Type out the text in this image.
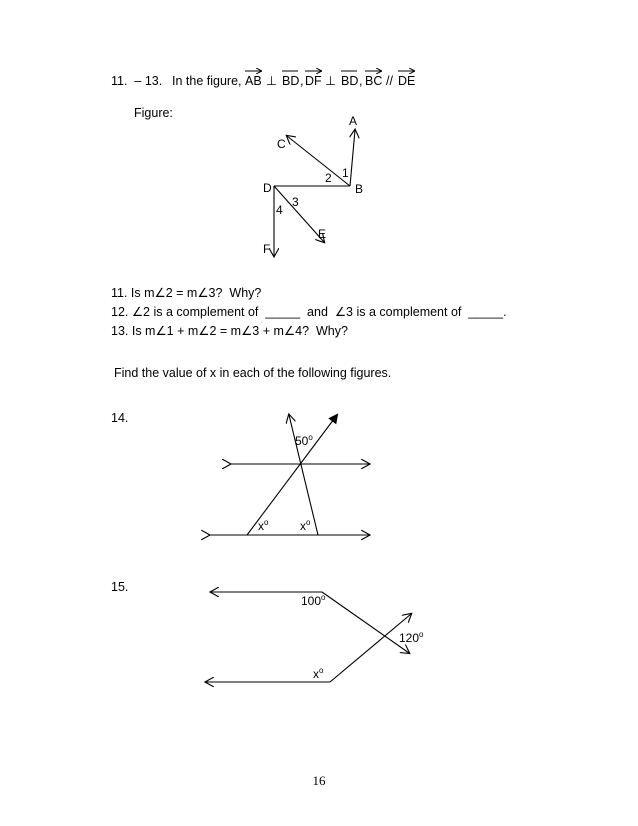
11.  – 13. In the figure, AB ⊥ BD , DF ⊥ BD , BC // DE
Figure:
A
C
1
2
B
D
3
4
E
F
50$^o$
$x^o$	$x^o$
100$^o$
120$^o$
$x^o$
11. Is m∠2 = m∠3?  Why?
12. ∠2 is a complement of  _____  and  ∠3 is a complement of  _____.
13. Is m∠1 + m∠2 = m∠3 + m∠4?  Why?
Find the value of x in each of the following figures.
14.
15.
16
